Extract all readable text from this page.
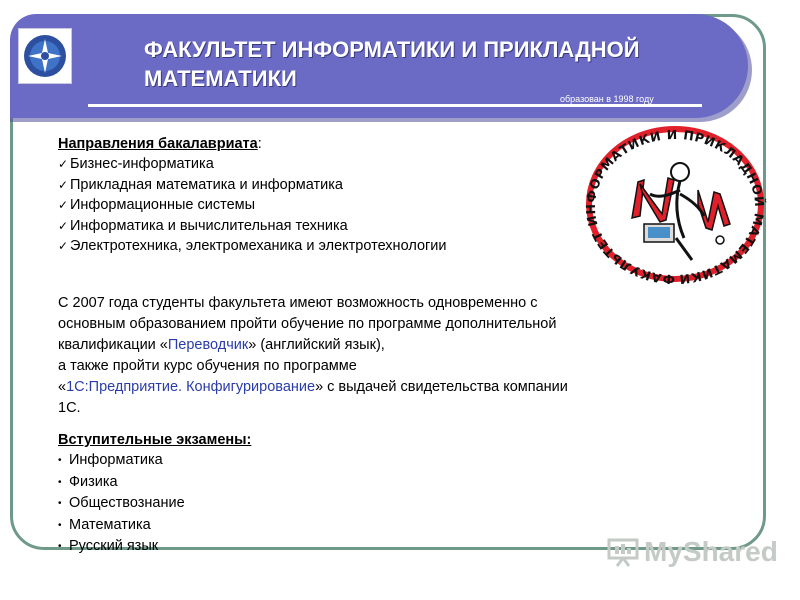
ФАКУЛЬТЕТ ИНФОРМАТИКИ И ПРИКЛАДНОЙ
МАТЕМАТИКИ
образован в 1998 году
Направления бакалавриата:
✓ Бизнес-информатика
✓ Прикладная математика и информатика
✓ Информационные системы
✓ Информатика и вычислительная техника
✓ Электротехника, электромеханика и электротехнологии
С 2007 года студенты факультета имеют возможность одновременно с
основным образованием пройти обучение по программе дополнительной
квалификации «Переводчик» (английский язык),
а также пройти курс обучения по программе
«1С:Предприятие. Конфигурирование» с выдачей свидетельства компании
1С.
Вступительные экзамены:
• Информатика
• Физика
• Обществознание
• Математика
• Русский язык
ФАКУЛЬТЕТ ИНФОРМАТИКИ И ПРИКЛАДНОЙ МАТЕМАТИКИ
MyShared
